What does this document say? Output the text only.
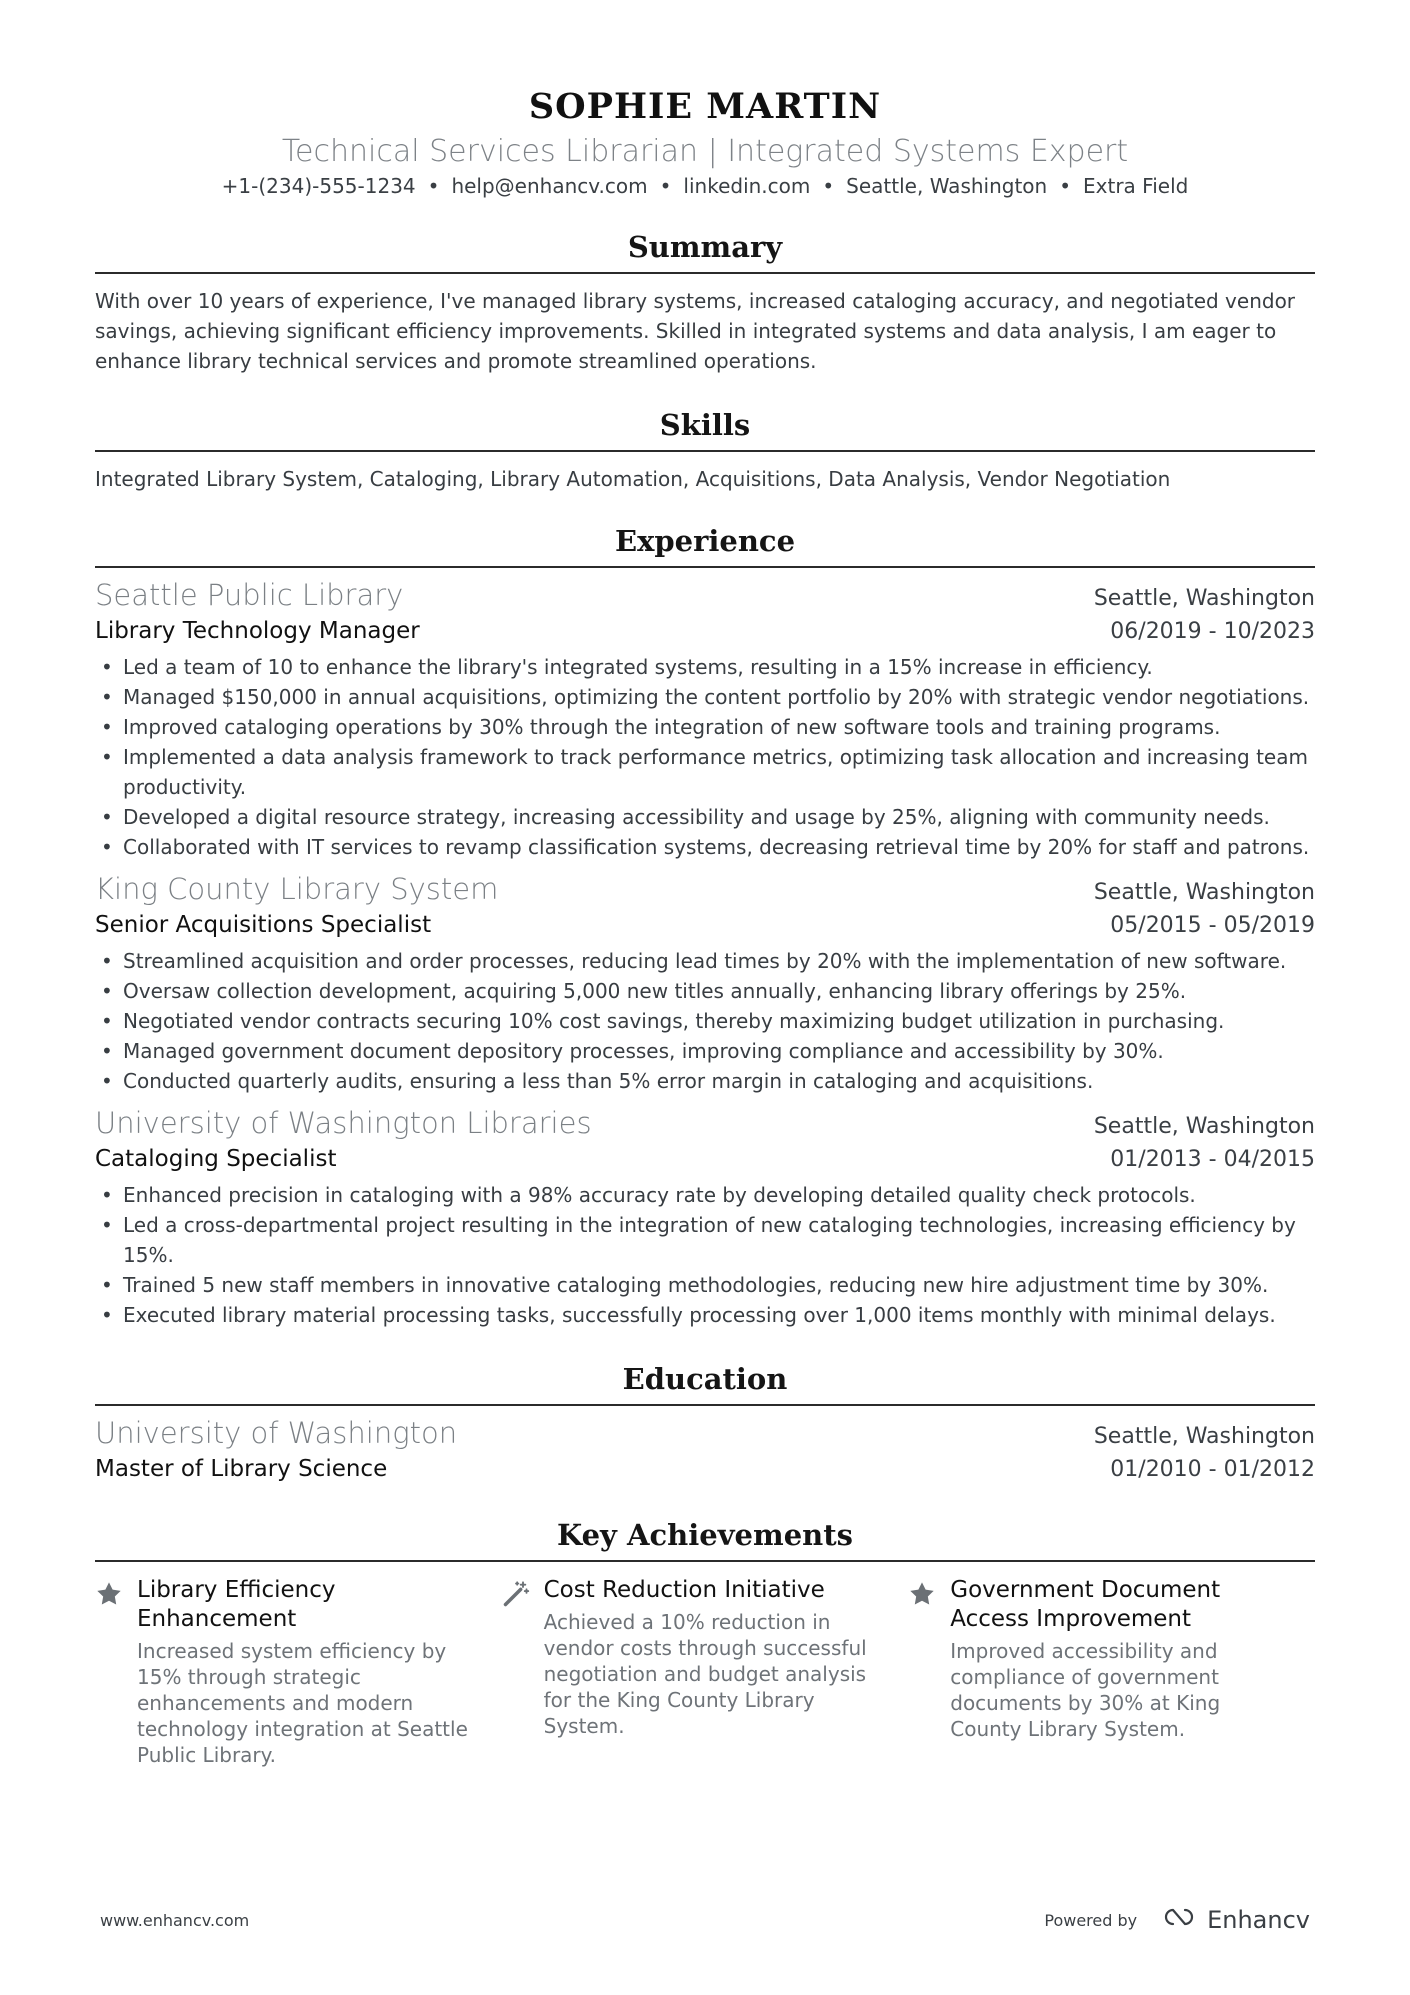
SOPHIE MARTIN
Technical Services Librarian | Integrated Systems Expert
+1-(234)-555-1234 • help@enhancv.com • linkedin.com • Seattle, Washington • Extra Field
Summary

With over 10 years of experience, I've managed library systems, increased cataloging accuracy, and negotiated vendor savings, achieving significant efficiency improvements. Skilled in integrated systems and data analysis, I am eager to enhance library technical services and promote streamlined operations.

Skills

Integrated Library System, Cataloging, Library Automation, Acquisitions, Data Analysis, Vendor Negotiation

Experience
Seattle Public Library	Seattle, Washington
Library Technology Manager	06/2019 - 10/2023
• Led a team of 10 to enhance the library's integrated systems, resulting in a 15% increase in efficiency.
• Managed $150,000 in annual acquisitions, optimizing the content portfolio by 20% with strategic vendor negotiations.
• Improved cataloging operations by 30% through the integration of new software tools and training programs.
• Implemented a data analysis framework to track performance metrics, optimizing task allocation and increasing team productivity.
• Developed a digital resource strategy, increasing accessibility and usage by 25%, aligning with community needs.
• Collaborated with IT services to revamp classification systems, decreasing retrieval time by 20% for staff and patrons.
King County Library System	Seattle, Washington
Senior Acquisitions Specialist	05/2015 - 05/2019
• Streamlined acquisition and order processes, reducing lead times by 20% with the implementation of new software.
• Oversaw collection development, acquiring 5,000 new titles annually, enhancing library offerings by 25%.
• Negotiated vendor contracts securing 10% cost savings, thereby maximizing budget utilization in purchasing.
• Managed government document depository processes, improving compliance and accessibility by 30%.
• Conducted quarterly audits, ensuring a less than 5% error margin in cataloging and acquisitions.
University of Washington Libraries	Seattle, Washington
Cataloging Specialist	01/2013 - 04/2015
• Enhanced precision in cataloging with a 98% accuracy rate by developing detailed quality check protocols.
• Led a cross-departmental project resulting in the integration of new cataloging technologies, increasing efficiency by 15%.
• Trained 5 new staff members in innovative cataloging methodologies, reducing new hire adjustment time by 30%.
• Executed library material processing tasks, successfully processing over 1,000 items monthly with minimal delays.
Education
University of Washington	Seattle, Washington
Master of Library Science	01/2010 - 01/2012
Key Achievements
Library Efficiency Enhancement
Increased system efficiency by 15% through strategic enhancements and modern technology integration at Seattle Public Library.
Cost Reduction Initiative
Achieved a 10% reduction in vendor costs through successful negotiation and budget analysis for the King County Library System.
Government Document Access Improvement
Improved accessibility and compliance of government documents by 30% at King County Library System.
www.enhancv.com	Powered by	Enhancv
